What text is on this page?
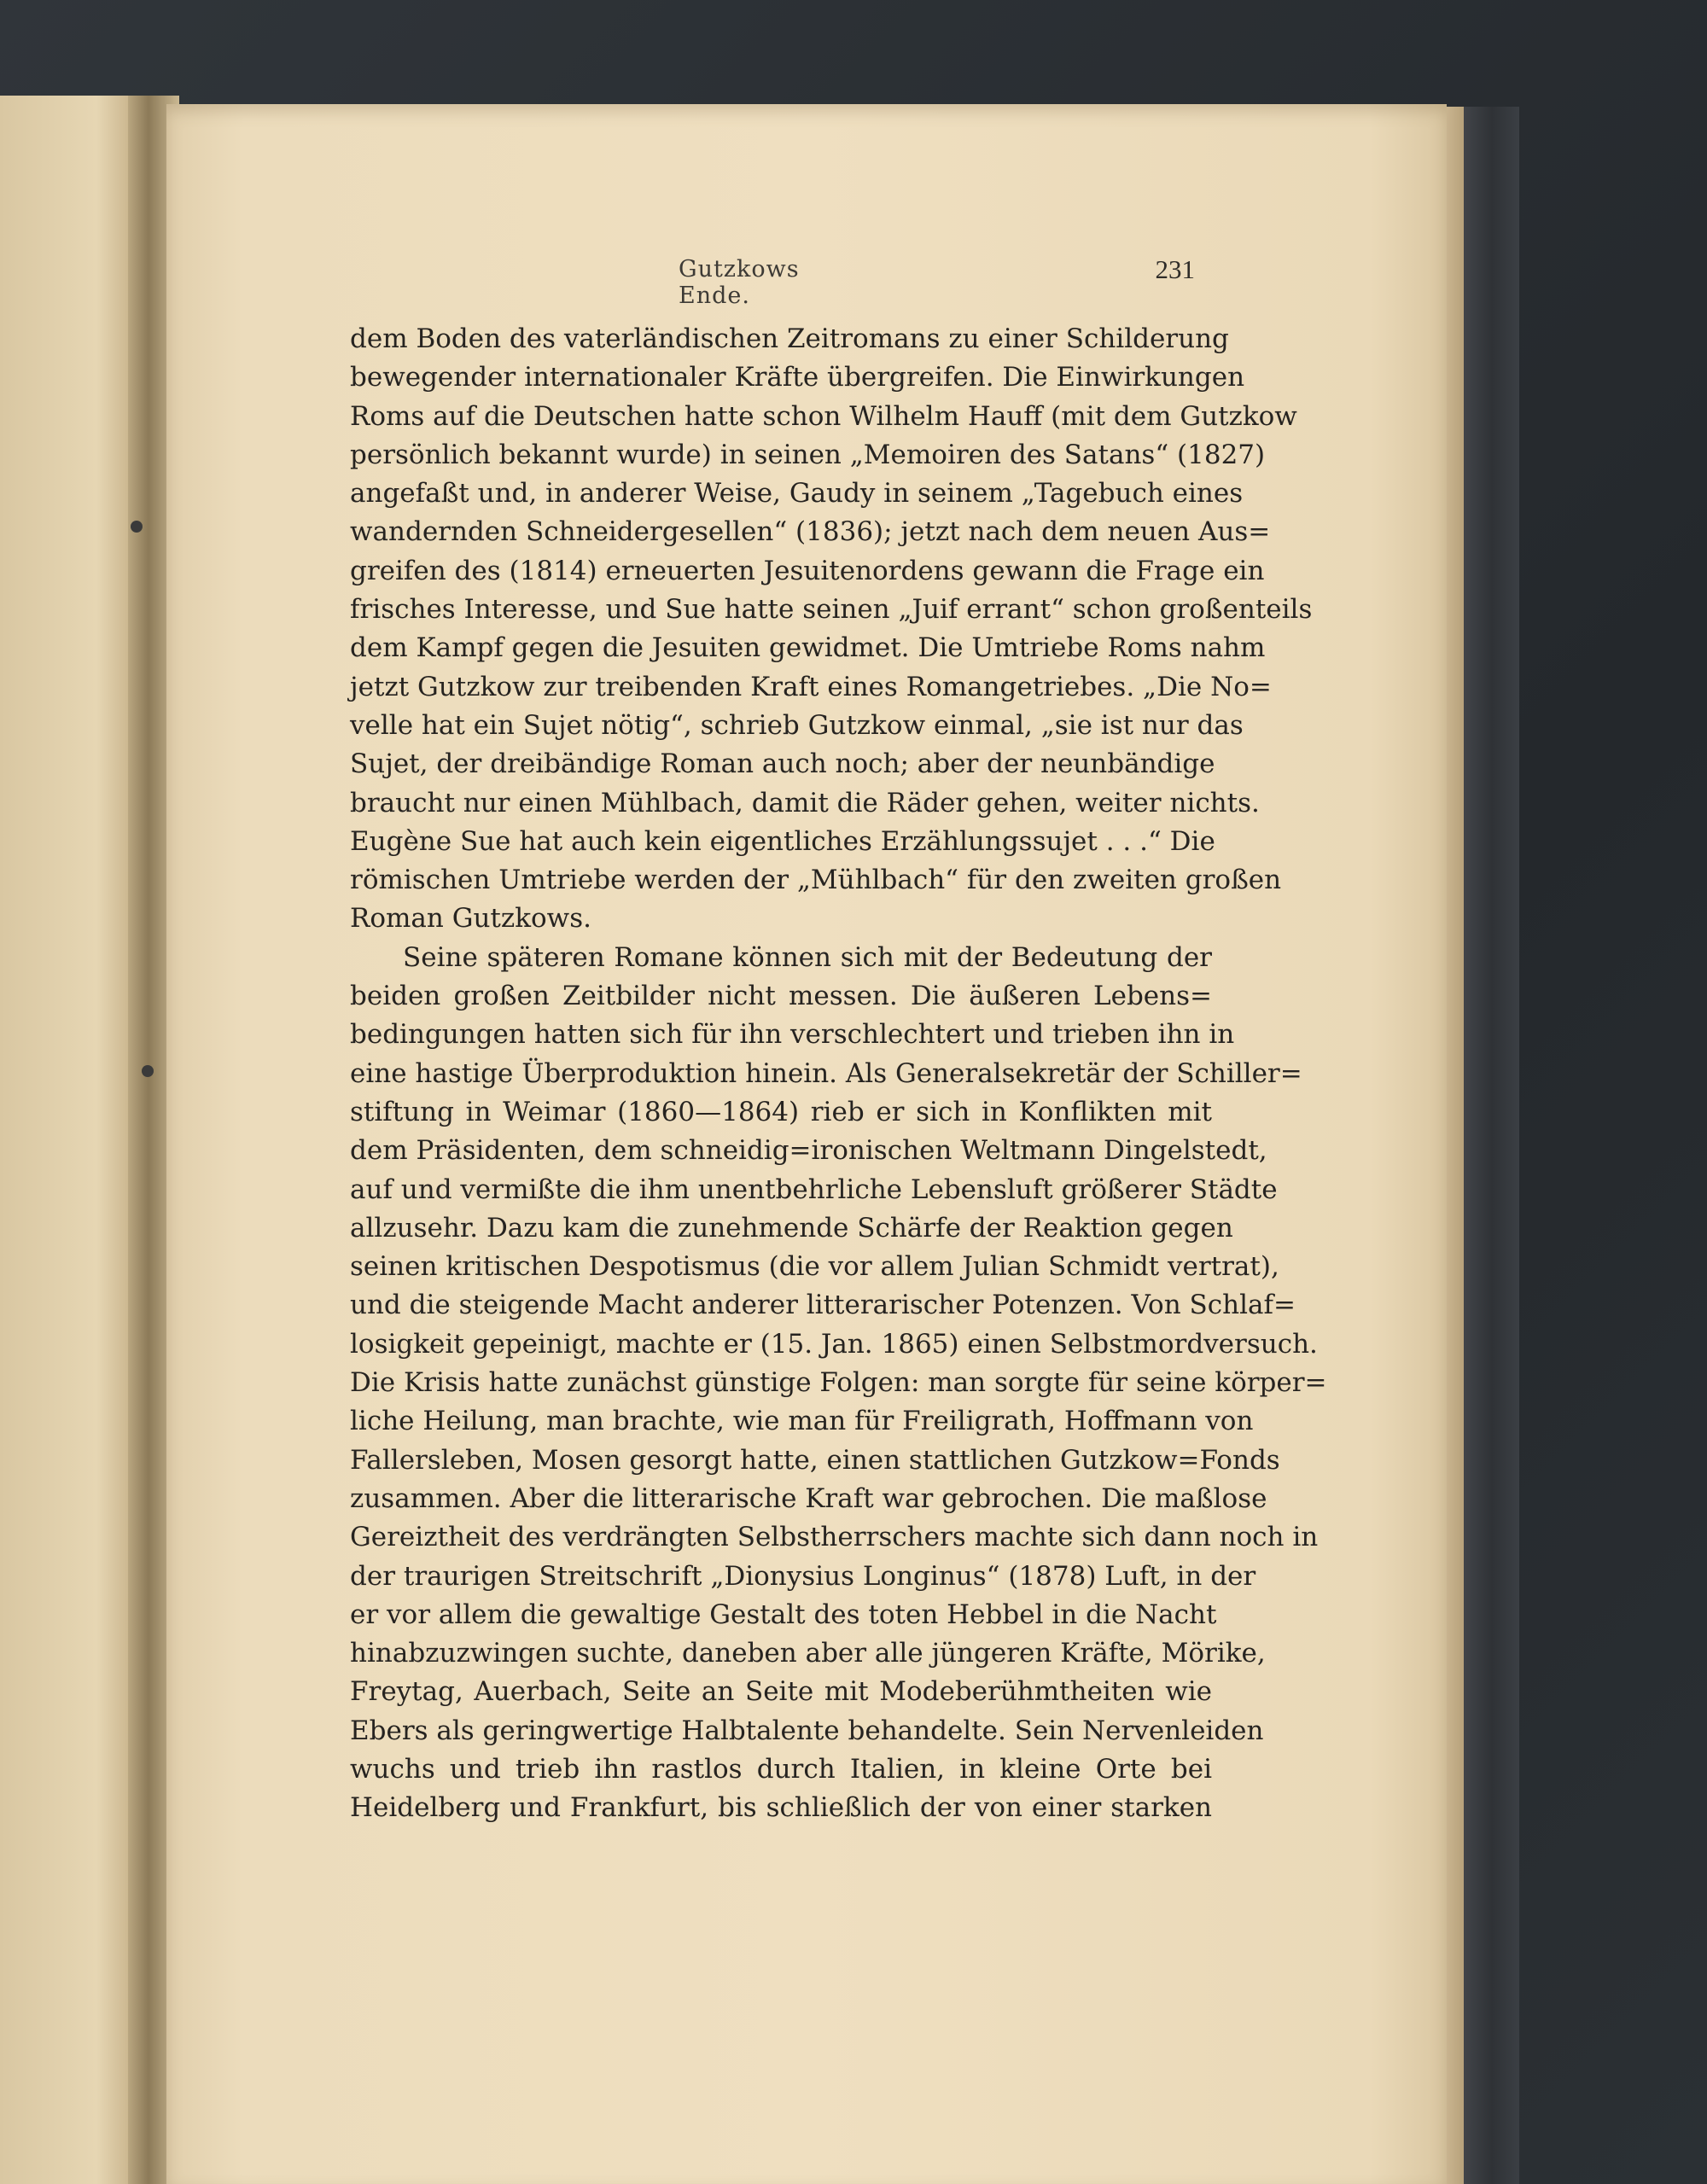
Gutzkows Ende.
231
dem Boden des vaterländischen Zeitromans zu einer Schilderung
bewegender internationaler Kräfte übergreifen. Die Einwirkungen
Roms auf die Deutschen hatte schon Wilhelm Hauff (mit dem Gutzkow
persönlich bekannt wurde) in seinen „Memoiren des Satans“ (1827)
angefaßt und, in anderer Weise, Gaudy in seinem „Tagebuch eines
wandernden Schneidergesellen“ (1836); jetzt nach dem neuen Aus=
greifen des (1814) erneuerten Jesuitenordens gewann die Frage ein
frisches Interesse, und Sue hatte seinen „Juif errant“ schon großenteils
dem Kampf gegen die Jesuiten gewidmet. Die Umtriebe Roms nahm
jetzt Gutzkow zur treibenden Kraft eines Romangetriebes. „Die No=
velle hat ein Sujet nötig“, schrieb Gutzkow einmal, „sie ist nur das
Sujet, der dreibändige Roman auch noch; aber der neunbändige
braucht nur einen Mühlbach, damit die Räder gehen, weiter nichts.
Eugène Sue hat auch kein eigentliches Erzählungssujet . . .“ Die
römischen Umtriebe werden der „Mühlbach“ für den zweiten großen
Roman Gutzkows.
Seine späteren Romane können sich mit der Bedeutung der
beiden großen Zeitbilder nicht messen. Die äußeren Lebens=
bedingungen hatten sich für ihn verschlechtert und trieben ihn in
eine hastige Überproduktion hinein. Als Generalsekretär der Schiller=
stiftung in Weimar (1860—1864) rieb er sich in Konflikten mit
dem Präsidenten, dem schneidig=ironischen Weltmann Dingelstedt,
auf und vermißte die ihm unentbehrliche Lebensluft größerer Städte
allzusehr. Dazu kam die zunehmende Schärfe der Reaktion gegen
seinen kritischen Despotismus (die vor allem Julian Schmidt vertrat),
und die steigende Macht anderer litterarischer Potenzen. Von Schlaf=
losigkeit gepeinigt, machte er (15. Jan. 1865) einen Selbstmordversuch.
Die Krisis hatte zunächst günstige Folgen: man sorgte für seine körper=
liche Heilung, man brachte, wie man für Freiligrath, Hoffmann von
Fallersleben, Mosen gesorgt hatte, einen stattlichen Gutzkow=Fonds
zusammen. Aber die litterarische Kraft war gebrochen. Die maßlose
Gereiztheit des verdrängten Selbstherrschers machte sich dann noch in
der traurigen Streitschrift „Dionysius Longinus“ (1878) Luft, in der
er vor allem die gewaltige Gestalt des toten Hebbel in die Nacht
hinabzuzwingen suchte, daneben aber alle jüngeren Kräfte, Mörike,
Freytag, Auerbach, Seite an Seite mit Modeberühmtheiten wie
Ebers als geringwertige Halbtalente behandelte. Sein Nervenleiden
wuchs und trieb ihn rastlos durch Italien, in kleine Orte bei
Heidelberg und Frankfurt, bis schließlich der von einer starken
